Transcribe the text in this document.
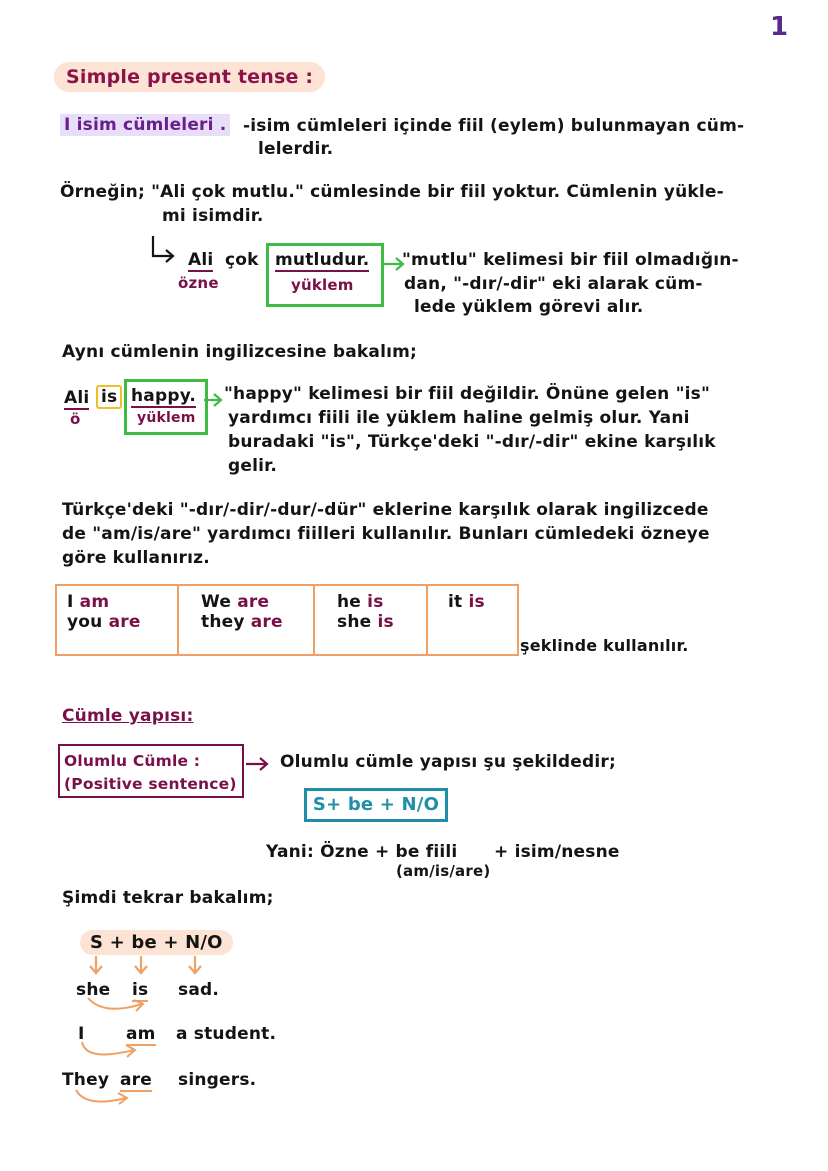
1
Simple present tense :
I isim cümleleri . -isim cümleleri içinde fiil (eylem) bulunmayan cüm-
lelerdir.
Örneğin; "Ali çok mutlu." cümlesinde bir fiil yoktur. Cümlenin yükle-
mi isimdir.
Ali çok
özne
mutludur.
yüklem
"mutlu" kelimesi bir fiil olmadığın-
dan, "-dır/-dir" eki alarak cüm-
lede yüklem görevi alır.
Aynı cümlenin ingilizcesine bakalım;
Ali
ö
is happy.
yüklem
"happy" kelimesi bir fiil değildir. Önüne gelen "is"
yardımcı fiili ile yüklem haline gelmiş olur. Yani
buradaki "is", Türkçe'deki "-dır/-dir" ekine karşılık
gelir.
Türkçe'deki "-dır/-dir/-dur/-dür" eklerine karşılık olarak ingilizcede
de "am/is/are" yardımcı fiilleri kullanılır. Bunları cümledeki özneye
göre kullanırız.
I am
you are
We are
they are
he is
she is
it is
şeklinde kullanılır.
Cümle yapısı:
Olumlu Cümle :
(Positive sentence)
Olumlu cümle yapısı şu şekildedir;
S+ be + N/O
Yani: Özne + be fiili
(am/is/are)
+ isim/nesne
Şimdi tekrar bakalım;
S + be + N/O
she is sad.
I am a student.
They are singers.
